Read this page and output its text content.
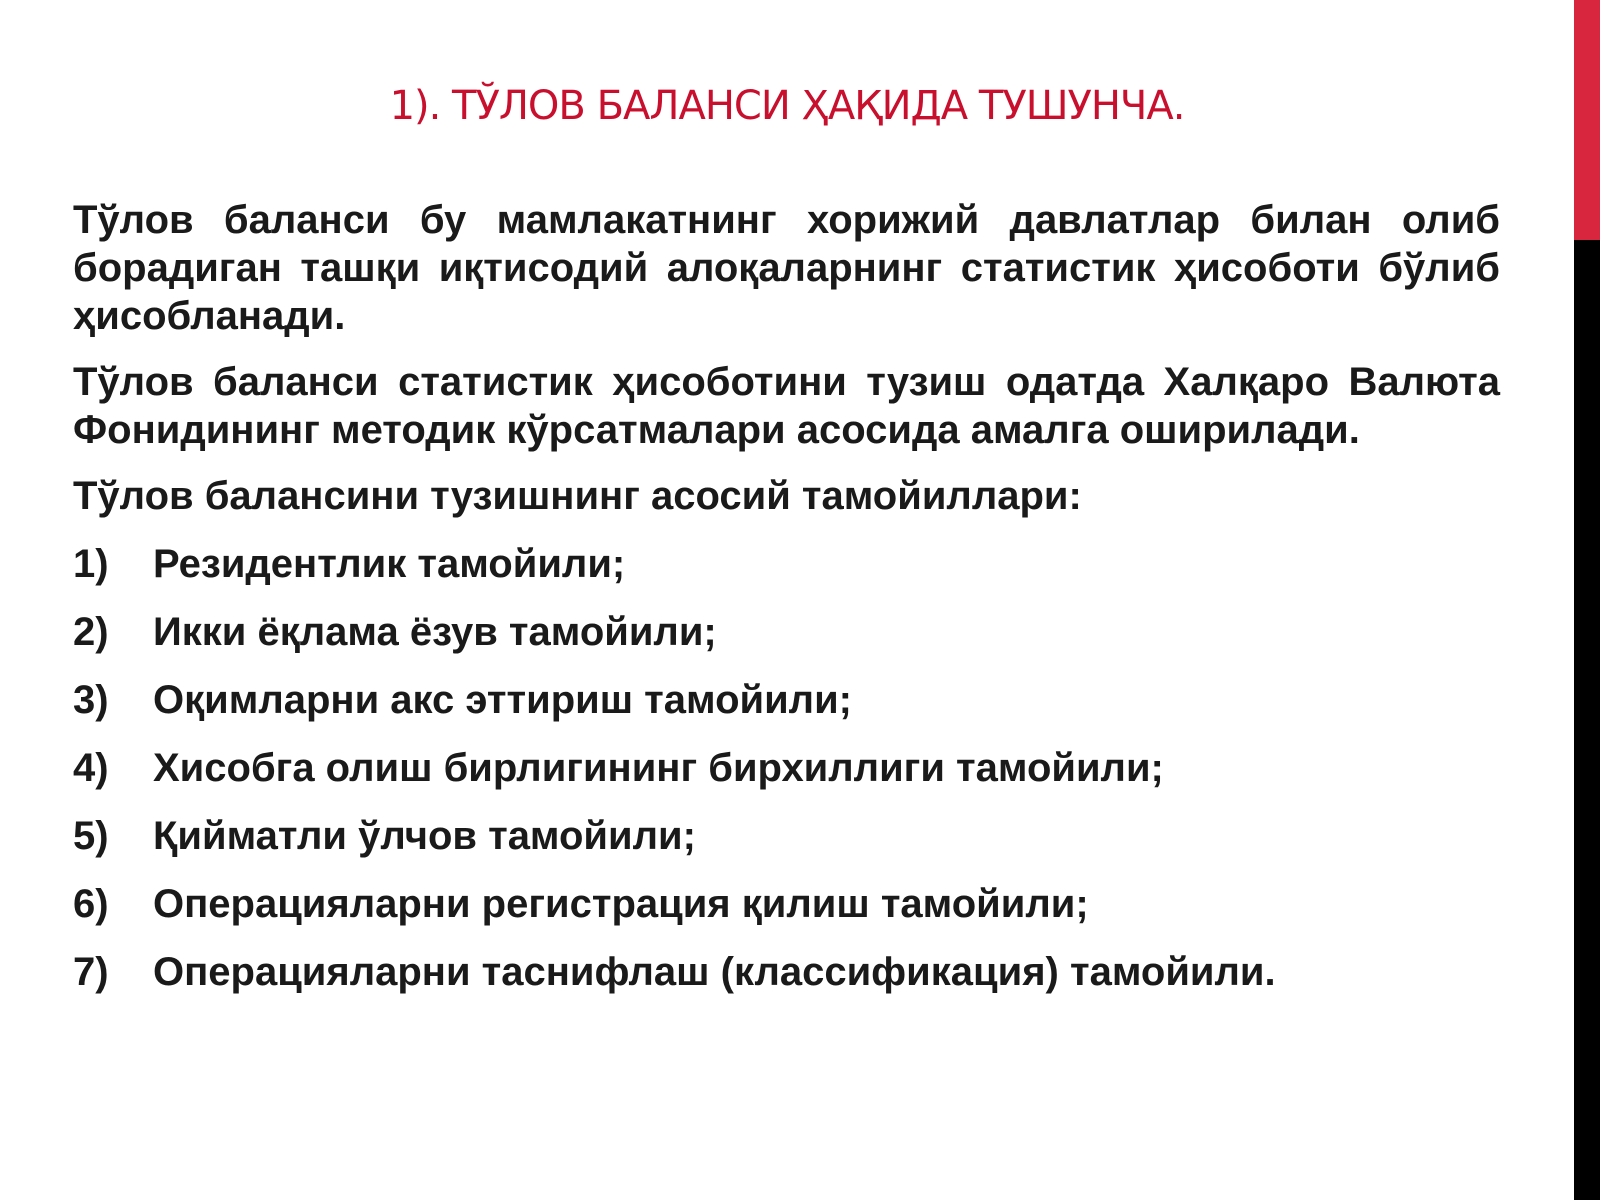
1). ТЎЛОВ БАЛАНСИ ҲАҚИДА ТУШУНЧА.

Тўлов баланси бу мамлакатнинг хорижий давлатлар билан олиб борадиган ташқи иқтисодий алоқаларнинг статистик ҳисоботи бўлиб ҳисобланади.

Тўлов баланси статистик ҳисоботини тузиш одатда Халқаро Валюта Фонидининг методик кўрсатмалари асосида амалга оширилади.

Тўлов балансини тузишнинг асосий тамойиллари:

1)	Резидентлик тамойили;
2)	Икки ёқлама ёзув тамойили;
3)	Оқимларни акс эттириш тамойили;
4)	Хисобга олиш бирлигининг бирхиллиги тамойили;
5)	Қийматли ўлчов тамойили;
6)	Операцияларни регистрация қилиш тамойили;
7)	Операцияларни таснифлаш (классификация) тамойили.
